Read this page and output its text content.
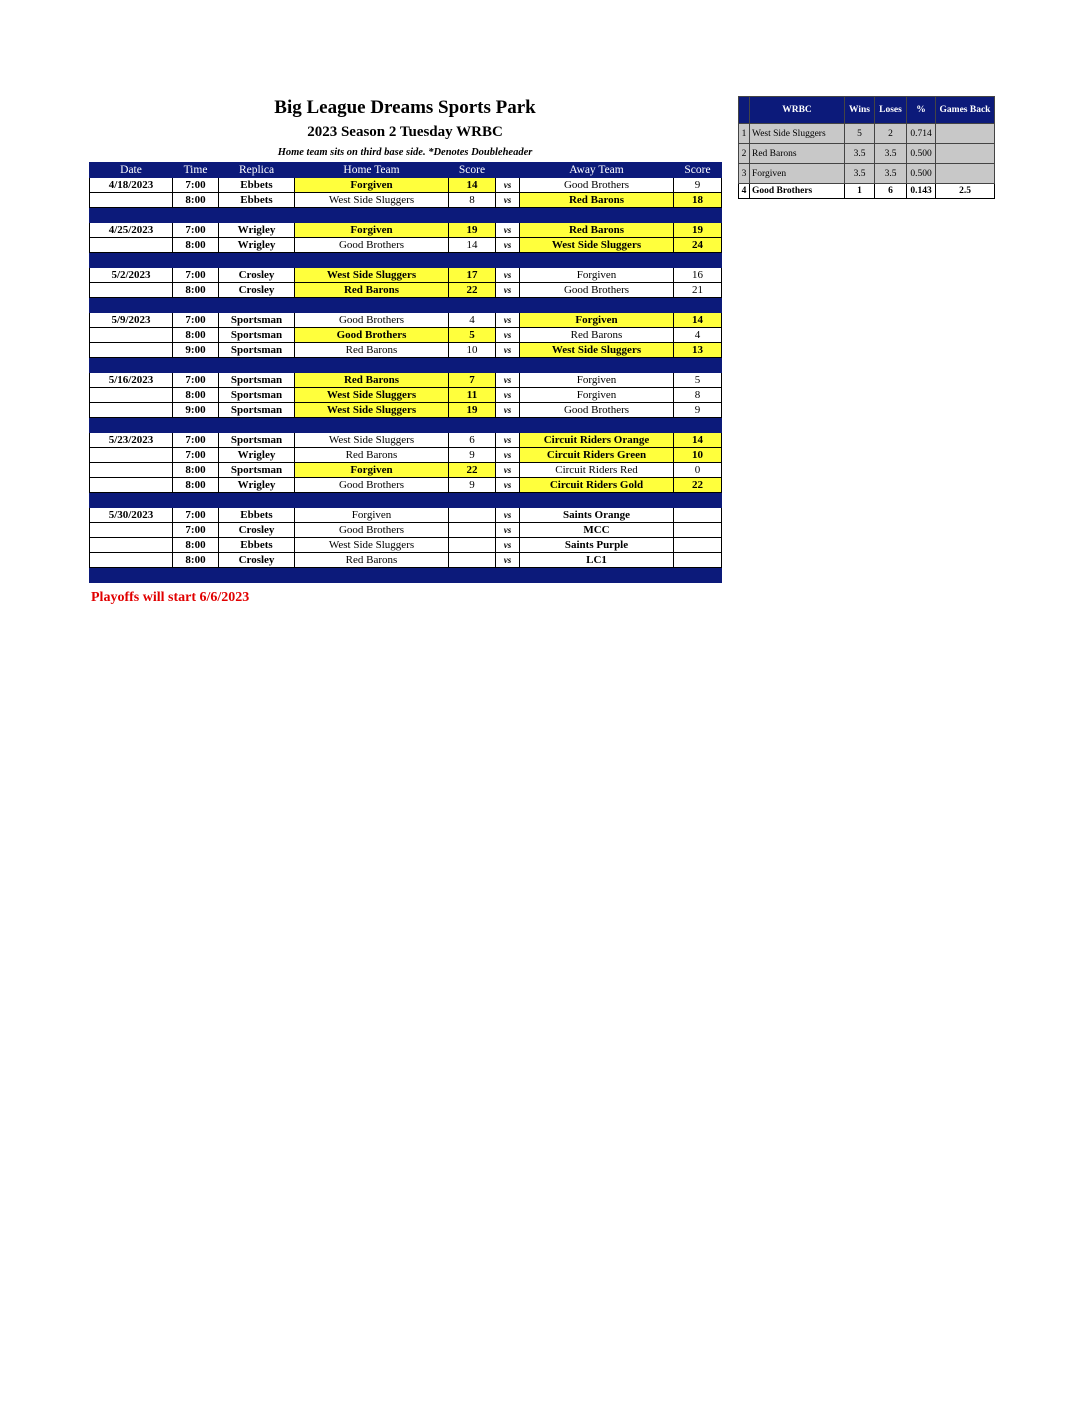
Big League Dreams Sports Park
2023 Season 2 Tuesday WRBC
Home team sits on third base side. *Denotes Doubleheader
Date	Time	Replica	Home Team	Score		Away Team	Score
4/18/2023	7:00	Ebbets	Forgiven	14	vs	Good Brothers	9
	8:00	Ebbets	West Side Sluggers	8	vs	Red Barons	18

4/25/2023	7:00	Wrigley	Forgiven	19	vs	Red Barons	19
	8:00	Wrigley	Good Brothers	14	vs	West Side Sluggers	24

5/2/2023	7:00	Crosley	West Side Sluggers	17	vs	Forgiven	16
	8:00	Crosley	Red Barons	22	vs	Good Brothers	21

5/9/2023	7:00	Sportsman	Good Brothers	4	vs	Forgiven	14
	8:00	Sportsman	Good Brothers	5	vs	Red Barons	4
	9:00	Sportsman	Red Barons	10	vs	West Side Sluggers	13

5/16/2023	7:00	Sportsman	Red Barons	7	vs	Forgiven	5
	8:00	Sportsman	West Side Sluggers	11	vs	Forgiven	8
	9:00	Sportsman	West Side Sluggers	19	vs	Good Brothers	9

5/23/2023	7:00	Sportsman	West Side Sluggers	6	vs	Circuit Riders Orange	14
	7:00	Wrigley	Red Barons	9	vs	Circuit Riders Green	10
	8:00	Sportsman	Forgiven	22	vs	Circuit Riders Red	0
	8:00	Wrigley	Good Brothers	9	vs	Circuit Riders Gold	22

5/30/2023	7:00	Ebbets	Forgiven		vs	Saints Orange	
	7:00	Crosley	Good Brothers		vs	MCC	
	8:00	Ebbets	West Side Sluggers		vs	Saints Purple	
	8:00	Crosley	Red Barons		vs	LC1	

Playoffs will start 6/6/2023
	WRBC	Wins	Loses	%	Games Back
1	West Side Sluggers	5	2	0.714	
2	Red Barons	3.5	3.5	0.500	
3	Forgiven	3.5	3.5	0.500	
4	Good Brothers	1	6	0.143	2.5
